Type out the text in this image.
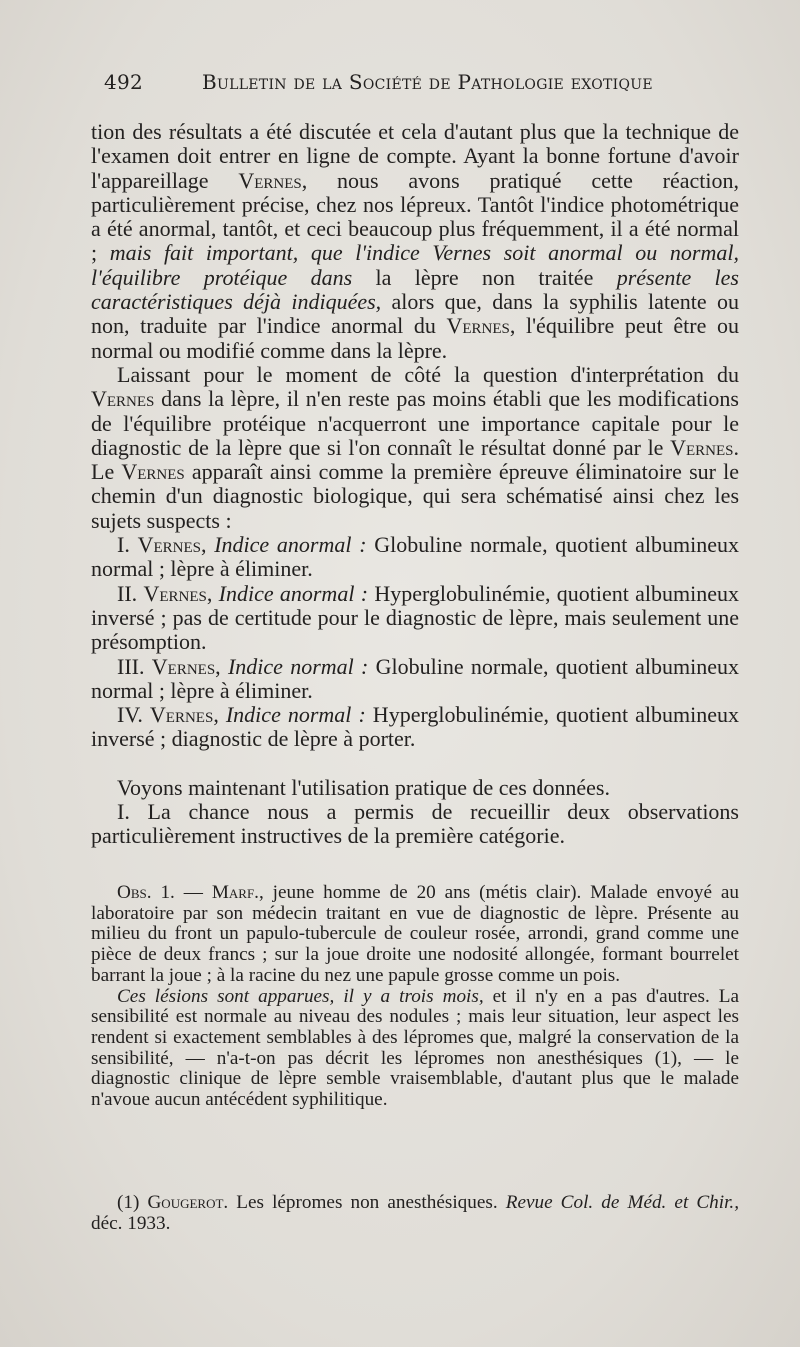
492	Bulletin de la Société de Pathologie exotique

tion des résultats a été discutée et cela d'autant plus que la technique de l'examen doit entrer en ligne de compte. Ayant la bonne fortune d'avoir l'appareillage Vernes, nous avons pratiqué cette réaction, particulièrement précise, chez nos lépreux. Tantôt l'indice photométrique a été anormal, tantôt, et ceci beaucoup plus fréquemment, il a été normal ; mais fait important, que l'indice Vernes soit anormal ou normal, l'équilibre protéique dans la lèpre non traitée présente les caractéristiques déjà indiquées, alors que, dans la syphilis latente ou non, traduite par l'indice anormal du Vernes, l'équilibre peut être ou normal ou modifié comme dans la lèpre.

Laissant pour le moment de côté la question d'interprétation du Vernes dans la lèpre, il n'en reste pas moins établi que les modifications de l'équilibre protéique n'acquerront une importance capitale pour le diagnostic de la lèpre que si l'on connaît le résultat donné par le Vernes. Le Vernes apparaît ainsi comme la première épreuve éliminatoire sur le chemin d'un diagnostic biologique, qui sera schématisé ainsi chez les sujets suspects :

I. Vernes, Indice anormal : Globuline normale, quotient albumineux normal ; lèpre à éliminer.

II. Vernes, Indice anormal : Hyperglobulinémie, quotient albumineux inversé ; pas de certitude pour le diagnostic de lèpre, mais seulement une présomption.

III. Vernes, Indice normal : Globuline normale, quotient albumineux normal ; lèpre à éliminer.

IV. Vernes, Indice normal : Hyperglobulinémie, quotient albumineux inversé ; diagnostic de lèpre à porter.

Voyons maintenant l'utilisation pratique de ces données.

I. La chance nous a permis de recueillir deux observations particulièrement instructives de la première catégorie.

Obs. 1. — Marf., jeune homme de 20 ans (métis clair). Malade envoyé au laboratoire par son médecin traitant en vue de diagnostic de lèpre. Présente au milieu du front un papulo-tubercule de couleur rosée, arrondi, grand comme une pièce de deux francs ; sur la joue droite une nodosité allongée, formant bourrelet barrant la joue ; à la racine du nez une papule grosse comme un pois.

Ces lésions sont apparues, il y a trois mois, et il n'y en a pas d'autres. La sensibilité est normale au niveau des nodules ; mais leur situation, leur aspect les rendent si exactement semblables à des lépromes que, malgré la conservation de la sensibilité, — n'a-t-on pas décrit les lépromes non anesthésiques (1), — le diagnostic clinique de lèpre semble vraisemblable, d'autant plus que le malade n'avoue aucun antécédent syphilitique.

(1) Gougerot. Les lépromes non anesthésiques. Revue Col. de Méd. et Chir., déc. 1933.
